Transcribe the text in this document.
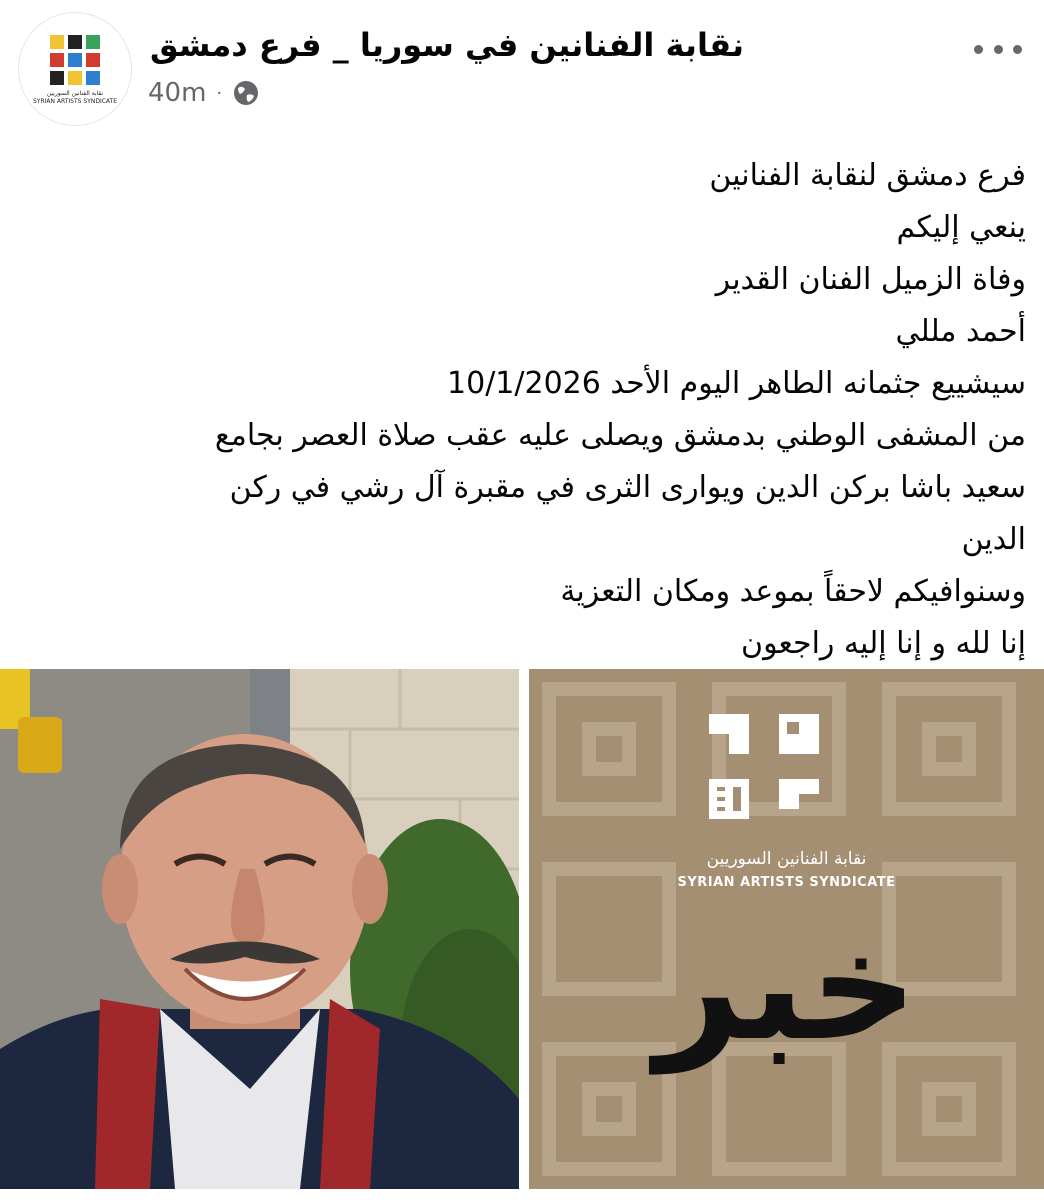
نقابة الفنانين السوريين
SYRIAN ARTISTS SYNDICATE
نقابة الفنانين في سوريا _ فرع دمشق
40m ·
فرع دمشق لنقابة الفنانين
ينعي إليكم
وفاة الزميل الفنان القدير
أحمد مللي
سيشييع جثمانه الطاهر اليوم الأحد 10/1/2026
من المشفى الوطني بدمشق ويصلى عليه عقب صلاة العصر بجامع
سعيد باشا بركن الدين ويوارى الثرى في مقبرة آل رشي في ركن
الدين
وسنوافيكم لاحقاً بموعد ومكان التعزية
إنا لله و إنا إليه راجعون
نقابة الفنانين السوريين
SYRIAN ARTISTS SYNDICATE
خبر
